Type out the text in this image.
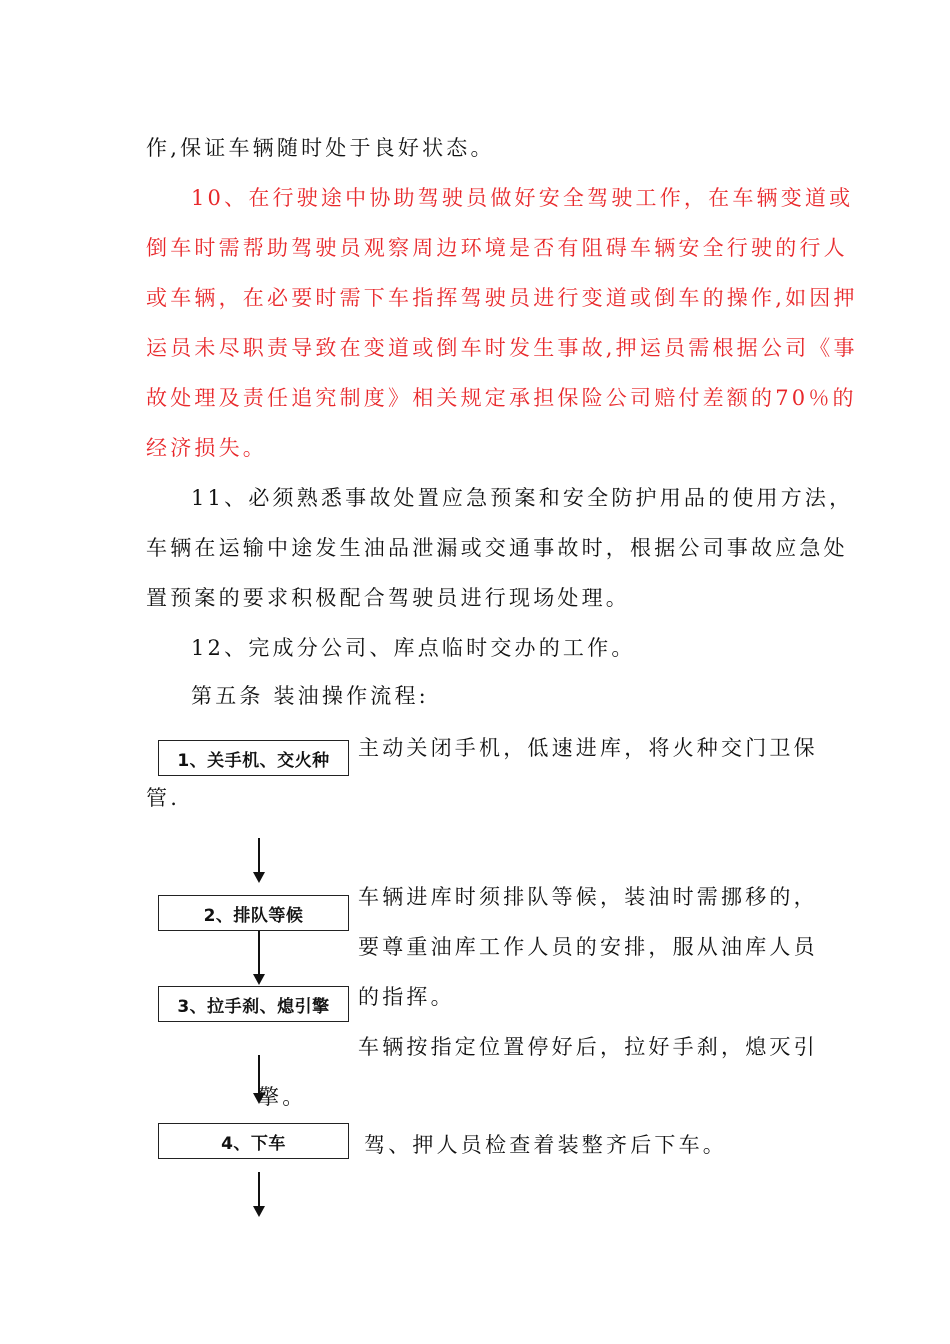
作,保证车辆随时处于良好状态。
10、在行驶途中协助驾驶员做好安全驾驶工作，在车辆变道或
倒车时需帮助驾驶员观察周边环境是否有阻碍车辆安全行驶的行人
或车辆，在必要时需下车指挥驾驶员进行变道或倒车的操作,如因押
运员未尽职责导致在变道或倒车时发生事故,押运员需根据公司《事
故处理及责任追究制度》相关规定承担保险公司赔付差额的70％的
经济损失。
11、必须熟悉事故处置应急预案和安全防护用品的使用方法，
车辆在运输中途发生油品泄漏或交通事故时，根据公司事故应急处
置预案的要求积极配合驾驶员进行现场处理。
12、完成分公司、库点临时交办的工作。
第五条 装油操作流程:
1、关手机、交火种
主动关闭手机，低速进库，将火种交门卫保
管.
2、排队等候
车辆进库时须排队等候，装油时需挪移的，
要尊重油库工作人员的安排，服从油库人员
的指挥。
3、拉手刹、熄引擎
车辆按指定位置停好后，拉好手刹，熄灭引
擎。
4、下车	驾、押人员检查着装整齐后下车。
